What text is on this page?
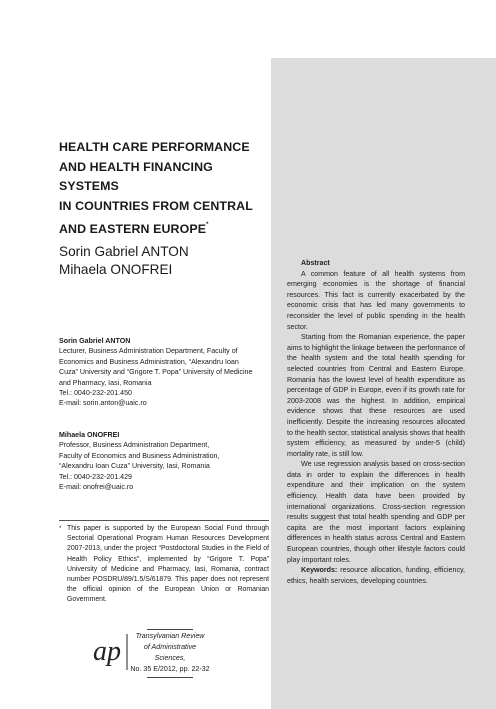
HEALTH CARE PERFORMANCE
AND HEALTH FINANCING SYSTEMS
IN COUNTRIES FROM CENTRAL
AND EASTERN EUROPE*
Sorin Gabriel ANTON
Mihaela ONOFREI
Sorin Gabriel ANTON
Lecturer, Business Administration Department, Faculty of
Economics and Business Administration, “Alexandru Ioan
Cuza” University and “Grigore T. Popa” University of Medicine
and Pharmacy, Iasi, Romania
Tel.: 0040-232-201.450
E-mail: sorin.anton@uaic.ro
Mihaela ONOFREI
Professor, Business Administration Department,
Faculty of Economics and Business Administration,
“Alexandru Ioan Cuza” University, Iasi, Romania
Tel.: 0040-232-201.429
E-mail: onofrei@uaic.ro
* This paper is supported by the European Social Fund through Sectorial Operational Program Human Resources Development 2007-2013, under the project “Postdoctoral Studies in the Field of Health Policy Ethics”, implemented by “Grigore T. Popa” University of Medicine and Pharmacy, Iasi, Romania, contract number POSDRU/89/1.5/S/61879. This paper does not represent the official opinion of the European Union or Romanian Government.
ap	Transylvanian Review
of Administrative Sciences,
No. 35 E/2012, pp. 22-32
Abstract

A common feature of all health systems from emerging economies is the shortage of financial resources. This fact is currently exacerbated by the economic crisis that has led many governments to reconsider the level of public spending in the health sector.

Starting from the Romanian experience, the paper aims to highlight the linkage between the performance of the health system and the total health spending for selected countries from Central and Eastern Europe. Romania has the lowest level of health expenditure as percentage of GDP in Europe, even if its growth rate for 2003-2008 was the highest. In addition, empirical evidence shows that these resources are used inefficiently. Despite the increasing resources allocated to the health sector, statistical analysis shows that health system efficiency, as measured by under-5 (child) mortality rate, is still low.

We use regression analysis based on cross-section data in order to explain the differences in health expenditure and their implication on the system efficiency. Health data have been provided by international organizations. Cross-section regression results suggest that total health spending and GDP per capita are the most important factors explaining differences in health status across Central and Eastern European countries, though other lifestyle factors could play important roles.

Keywords: resource allocation, funding, efficiency, ethics, health services, developing countries.
